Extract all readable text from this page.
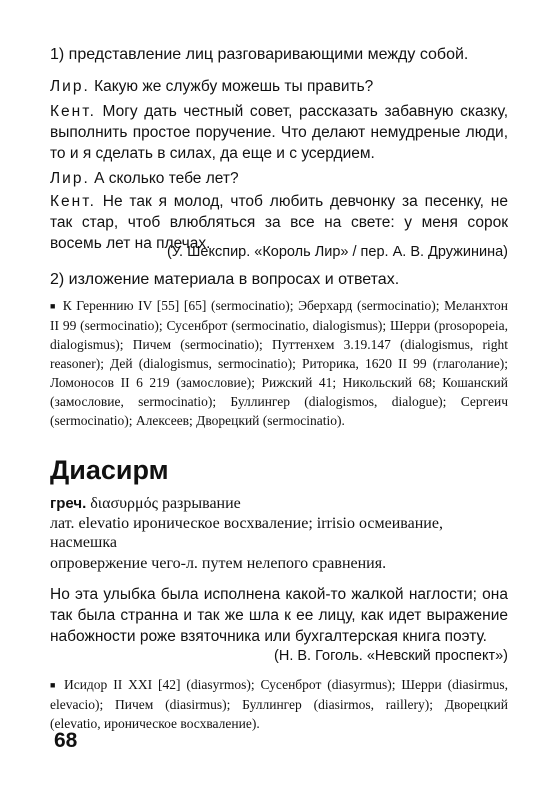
1) представление лиц разговаривающими между собой.

Лир. Какую же службу можешь ты править?

Кент. Могу дать честный совет, рассказать забавную сказку, выполнить простое поручение. Что делают немудреные люди, то и я сделать в силах, да еще и с усердием.

Лир. А сколько тебе лет?

Кент. Не так я молод, чтоб любить девчонку за песенку, не так стар, чтоб влюбляться за все на свете: у меня сорок восемь лет на плечах.

(У. Шекспир. «Король Лир» / пер. А. В. Дружинина)

2) изложение материала в вопросах и ответах.

■ К Гереннию IV [55] [65] (sermocinatio); Эберхард (sermocinatio); Меланхтон II 99 (sermocinatio); Сусенброт (sermocinatio, dialogismus); Шерри (prosopopeia, dialogismus); Пичем (sermocinatio); Путтенхем 3.19.147 (dialogismus, right reasoner); Дей (dialogismus, sermocinatio); Риторика, 1620 II 99 (глаголание); Ломоносов II 6 219 (замословие); Рижский 41; Никольский 68; Кошанский (замословие, sermocinatio); Буллингер (dialogismos, dialogue); Сергеич (sermocinatio); Алексеев; Дворецкий (sermocinatio).

Диасирм

греч. διασυρμός разрывание

лат. elevatio ироническое восхваление; irrisio осмеивание, насмешка

опровержение чего-л. путем нелепого сравнения.

Но эта улыбка была исполнена какой-то жалкой наглости; она так была странна и так же шла к ее лицу, как идет выражение набожности роже взяточника или бухгалтерская книга поэту.

(Н. В. Гоголь. «Невский проспект»)

■ Исидор II XXI [42] (diasyrmos); Сусенброт (diasyrmus); Шерри (diasirmus, elevacio); Пичем (diasirmus); Буллингер (diasirmos, raillery); Дворецкий (elevatio, ироническое восхваление).

68
